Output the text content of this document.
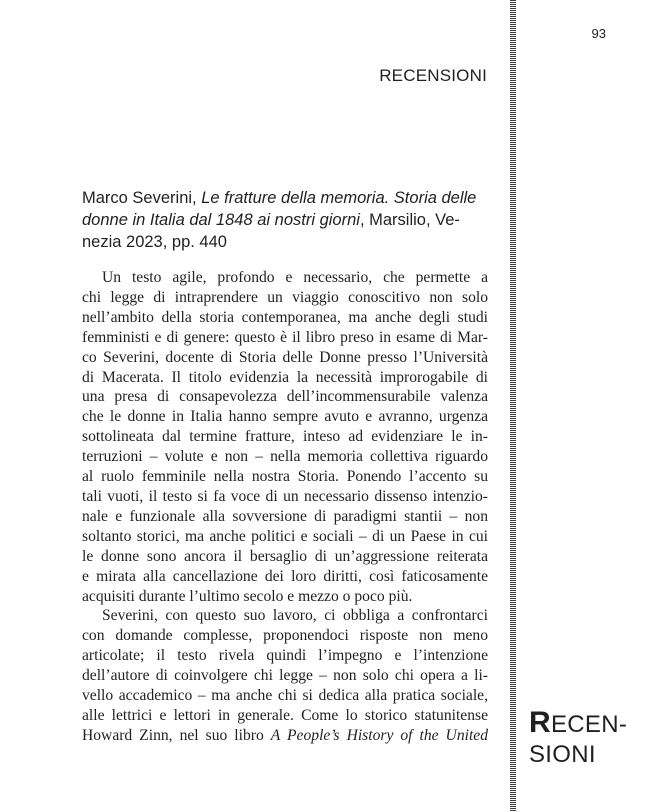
93
RECENSIONI
Marco Severini, Le fratture della memoria. Storia delle
donne in Italia dal 1848 ai nostri giorni, Marsilio, Ve-
nezia 2023, pp. 440
Un testo agile, profondo e necessario, che permette a
chi legge di intraprendere un viaggio conoscitivo non solo
nell’ambito della storia contemporanea, ma anche degli studi
femministi e di genere: questo è il libro preso in esame di Mar-
co Severini, docente di Storia delle Donne presso l’Università
di Macerata. Il titolo evidenzia la necessità improrogabile di
una presa di consapevolezza dell’incommensurabile valenza
che le donne in Italia hanno sempre avuto e avranno, urgenza
sottolineata dal termine fratture, inteso ad evidenziare le in-
terruzioni – volute e non – nella memoria collettiva riguardo
al ruolo femminile nella nostra Storia. Ponendo l’accento su
tali vuoti, il testo si fa voce di un necessario dissenso intenzio-
nale e funzionale alla sovversione di paradigmi stantii – non
soltanto storici, ma anche politici e sociali – di un Paese in cui
le donne sono ancora il bersaglio di un’aggressione reiterata
e mirata alla cancellazione dei loro diritti, così faticosamente
acquisiti durante l’ultimo secolo e mezzo o poco più.
Severini, con questo suo lavoro, ci obbliga a confrontarci
con domande complesse, proponendoci risposte non meno
articolate; il testo rivela quindi l’impegno e l’intenzione
dell’autore di coinvolgere chi legge – non solo chi opera a li-
vello accademico – ma anche chi si dedica alla pratica sociale,
alle lettrici e lettori in generale. Come lo storico statunitense
Howard Zinn, nel suo libro A People’s History of the United RECEN-
SIONI
